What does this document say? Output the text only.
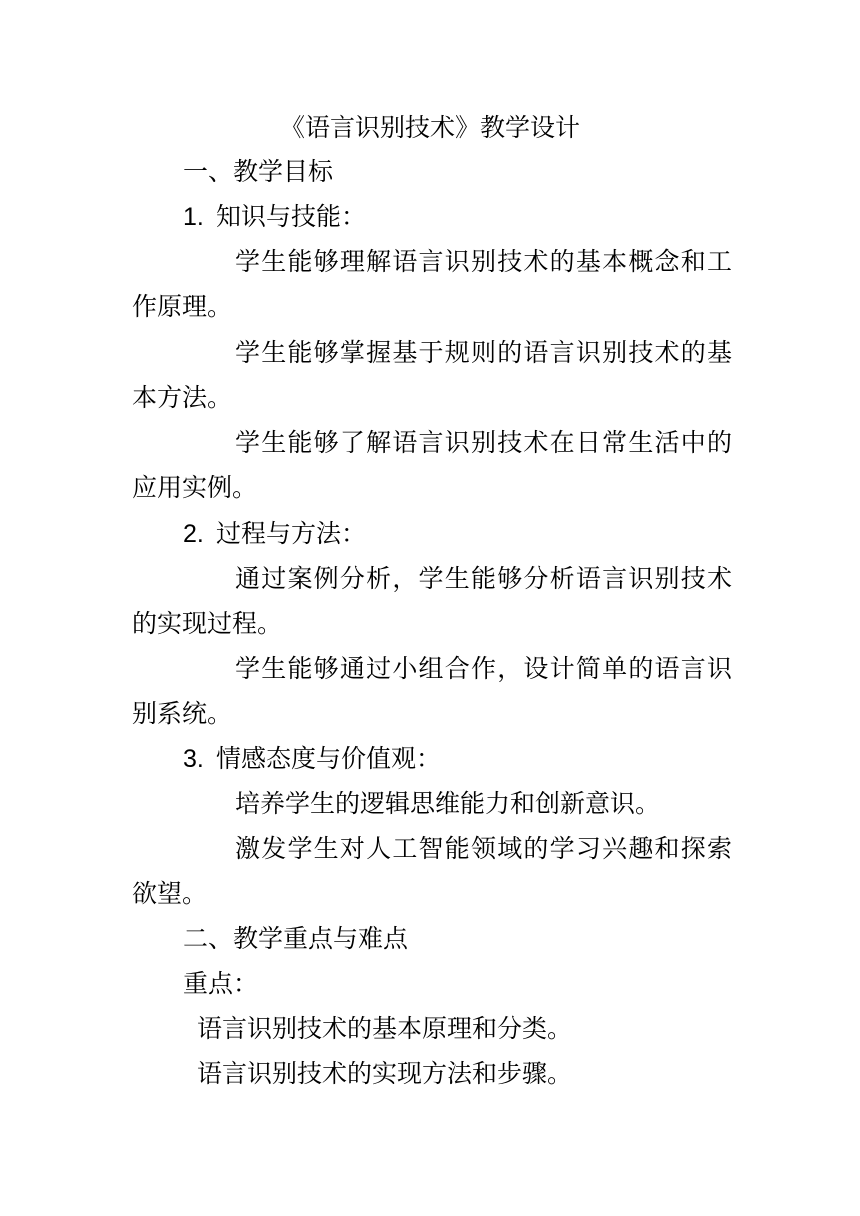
《语言识别技术》教学设计
一、教学目标
1. 知识与技能：
学生能够理解语言识别技术的基本概念和工
作原理。
学生能够掌握基于规则的语言识别技术的基
本方法。
学生能够了解语言识别技术在日常生活中的
应用实例。
2. 过程与方法：
通过案例分析，学生能够分析语言识别技术
的实现过程。
学生能够通过小组合作，设计简单的语言识
别系统。
3. 情感态度与价值观：
培养学生的逻辑思维能力和创新意识。
激发学生对人工智能领域的学习兴趣和探索
欲望。
二、教学重点与难点
重点：
语言识别技术的基本原理和分类。
语言识别技术的实现方法和步骤。
